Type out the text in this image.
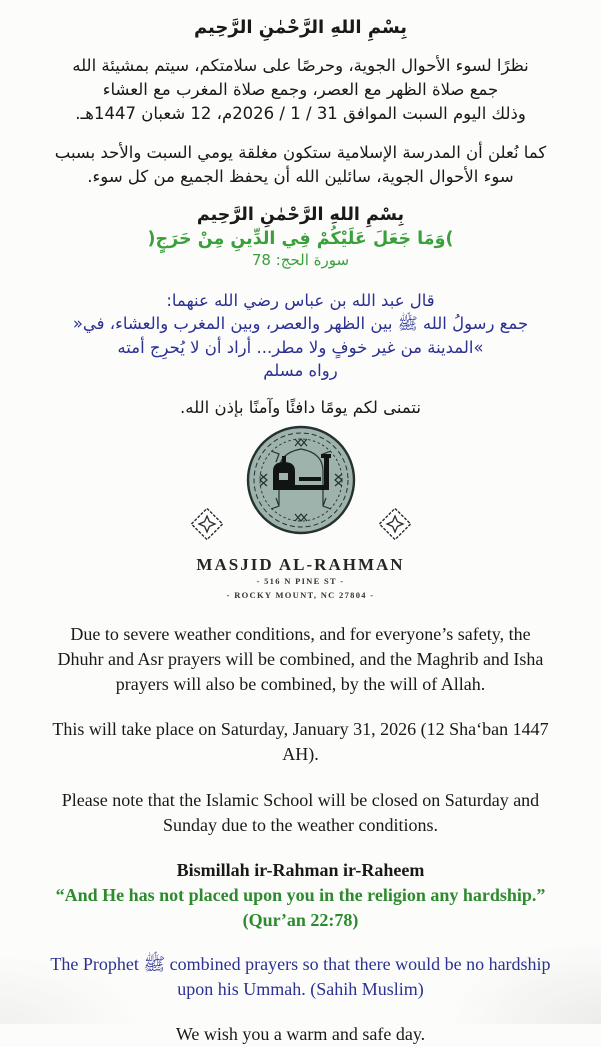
بِسْمِ اللهِ الرَّحْمٰنِ الرَّحِيم
نظرًا لسوء الأحوال الجوية، وحرصًا على سلامتكم، سيتم بمشيئة الله
جمع صلاة الظهر مع العصر، وجمع صلاة المغرب مع العشاء
وذلك اليوم السبت الموافق 31 / 1 / 2026م، 12 شعبان 1447هـ.
كما نُعلن أن المدرسة الإسلامية ستكون مغلقة يومي السبت والأحد بسبب
سوء الأحوال الجوية، سائلين الله أن يحفظ الجميع من كل سوء.
بِسْمِ اللهِ الرَّحْمٰنِ الرَّحِيم
) وَمَا جَعَلَ عَلَيْكُمْ فِي الدِّينِ مِنْ حَرَجٍ (
سورة الحج: 78
قال عبد الله بن عباس رضي الله عنهما:
» جمع رسولُ الله ﷺ بين الظهر والعصر، وبين المغرب والعشاء، في
المدينة من غير خوفٍ ولا مطر... أراد أن لا يُحرِج أمته «
رواه مسلم
نتمنى لكم يومًا دافئًا وآمنًا بإذن الله.
MASJID AL-RAHMAN
- 516 N PINE ST -
- ROCKY MOUNT, NC 27804 -
Due to severe weather conditions, and for everyone’s safety, the Dhuhr and Asr prayers will be combined, and the Maghrib and Isha prayers will also be combined, by the will of Allah.
This will take place on Saturday, January 31, 2026 (12 Sha‘ban 1447 AH).
Please note that the Islamic School will be closed on Saturday and Sunday due to the weather conditions.
Bismillah ir-Rahman ir-Raheem
“And He has not placed upon you in the religion any hardship.” (Qur’an 22:78)
The Prophet ﷺ combined prayers so that there would be no hardship upon his Ummah. (Sahih Muslim)
We wish you a warm and safe day.
